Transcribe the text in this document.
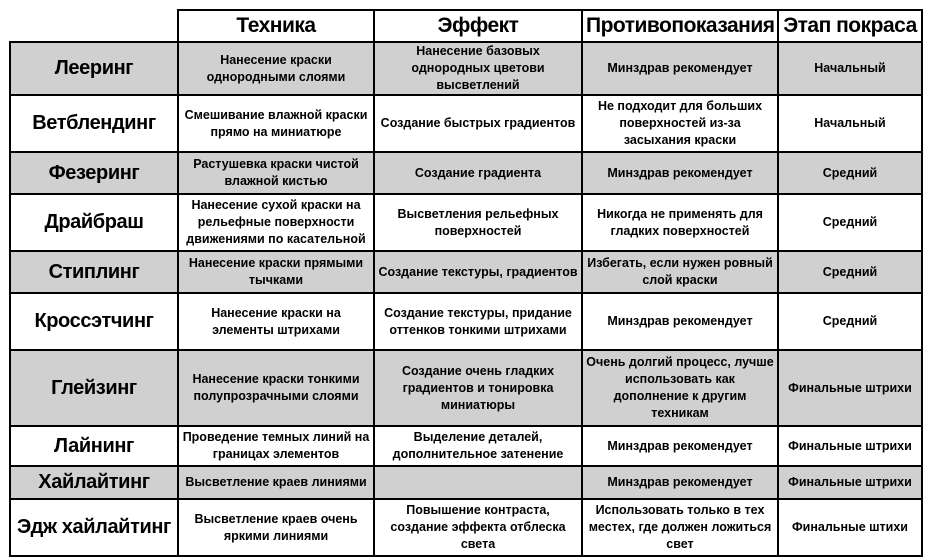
	Техника	Эффект	Противопоказания	Этап покраса
Лееринг	Нанесение краски однородными слоями	Нанесение базовых однородных цветови высветлений	Минздрав рекомендует	Начальный
Ветблендинг	Смешивание влажной краски прямо на миниатюре	Создание быстрых градиентов	Не подходит для больших поверхностей из-за засыхания краски	Начальный
Фезеринг	Растушевка краски чистой влажной кистью	Создание градиента	Минздрав рекомендует	Средний
Драйбраш	Нанесение сухой краски на рельефные поверхности движениями по касательной	Высветления рельефных поверхностей	Никогда не применять для гладких поверхностей	Средний
Стиплинг	Нанесение краски прямыми тычками	Создание текстуры, градиентов	Избегать, если нужен ровный слой краски	Средний
Кроссэтчинг	Нанесение краски на элементы штрихами	Создание текстуры, придание оттенков тонкими штрихами	Минздрав рекомендует	Средний
Глейзинг	Нанесение краски тонкими полупрозрачными слоями	Создание очень гладких градиентов и тонировка миниатюры	Очень долгий процесс, лучше использовать как дополнение к другим техникам	Финальные штрихи
Лайнинг	Проведение темных линий на границах элементов	Выделение деталей, дополнительное затенение	Минздрав рекомендует	Финальные штрихи
Хайлайтинг	Высветление краев линиями		Минздрав рекомендует	Финальные штрихи
Эдж хайлайтинг	Высветление краев очень яркими линиями	Повышение контраста, создание эффекта отблеска света	Использовать только в тех местех, где должен ложиться свет	Финальные штихи
